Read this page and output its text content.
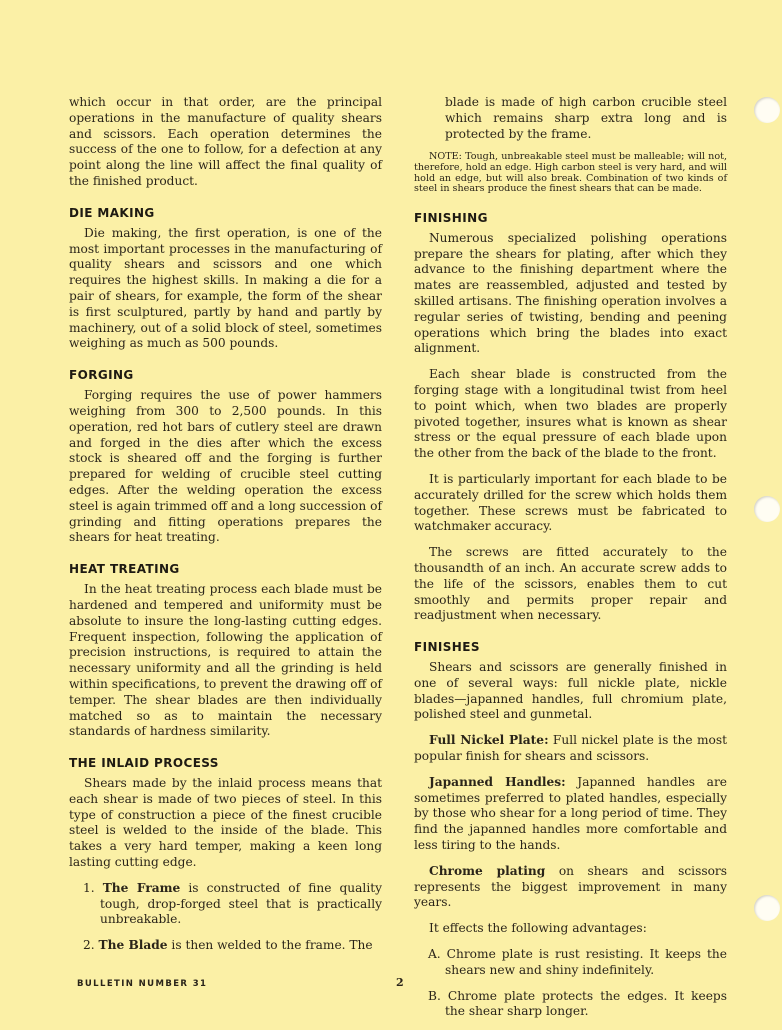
which occur in that order, are the principal operations in the manufacture of quality shears and scissors. Each operation determines the success of the one to follow, for a defection at any point along the line will affect the final quality of the finished product.

DIE MAKING

Die making, the first operation, is one of the most important processes in the manufacturing of quality shears and scissors and one which requires the highest skills. In making a die for a pair of shears, for example, the form of the shear is first sculptured, partly by hand and partly by machinery, out of a solid block of steel, sometimes weighing as much as 500 pounds.

FORGING

Forging requires the use of power hammers weighing from 300 to 2,500 pounds. In this operation, red hot bars of cutlery steel are drawn and forged in the dies after which the excess stock is sheared off and the forging is further prepared for welding of crucible steel cutting edges. After the welding operation the excess steel is again trimmed off and a long succession of grinding and fitting operations prepares the shears for heat treating.

HEAT TREATING

In the heat treating process each blade must be hardened and tempered and uniformity must be absolute to insure the long-lasting cutting edges. Frequent inspection, following the application of precision instructions, is required to attain the necessary uniformity and all the grinding is held within specifications, to prevent the drawing off of temper. The shear blades are then individually matched so as to maintain the necessary standards of hardness similarity.

THE INLAID PROCESS

Shears made by the inlaid process means that each shear is made of two pieces of steel. In this type of construction a piece of the finest crucible steel is welded to the inside of the blade. This takes a very hard temper, making a keen long lasting cutting edge.

1. The Frame is constructed of fine quality tough, drop-forged steel that is practically unbreakable.

2. The Blade is then welded to the frame. The

blade is made of high carbon crucible steel which remains sharp extra long and is protected by the frame.

NOTE: Tough, unbreakable steel must be malleable; will not, therefore, hold an edge. High carbon steel is very hard, and will hold an edge, but will also break. Combination of two kinds of steel in shears produce the finest shears that can be made.

FINISHING

Numerous specialized polishing operations prepare the shears for plating, after which they advance to the finishing department where the mates are reassembled, adjusted and tested by skilled artisans. The finishing operation involves a regular series of twisting, bending and peening operations which bring the blades into exact alignment.

Each shear blade is constructed from the forging stage with a longitudinal twist from heel to point which, when two blades are properly pivoted together, insures what is known as shear stress or the equal pressure of each blade upon the other from the back of the blade to the front.

It is particularly important for each blade to be accurately drilled for the screw which holds them together. These screws must be fabricated to watchmaker accuracy.

The screws are fitted accurately to the thousandth of an inch. An accurate screw adds to the life of the scissors, enables them to cut smoothly and permits proper repair and readjustment when necessary.

FINISHES

Shears and scissors are generally finished in one of several ways: full nickle plate, nickle blades—japanned handles, full chromium plate, polished steel and gunmetal.

Full Nickel Plate: Full nickel plate is the most popular finish for shears and scissors.

Japanned Handles: Japanned handles are sometimes preferred to plated handles, especially by those who shear for a long period of time. They find the japanned handles more comfortable and less tiring to the hands.

Chrome plating on shears and scissors represents the biggest improvement in many years.

It effects the following advantages:

A. Chrome plate is rust resisting. It keeps the shears new and shiny indefinitely.

B. Chrome plate protects the edges. It keeps the shear sharp longer.

BULLETIN NUMBER 31	2
